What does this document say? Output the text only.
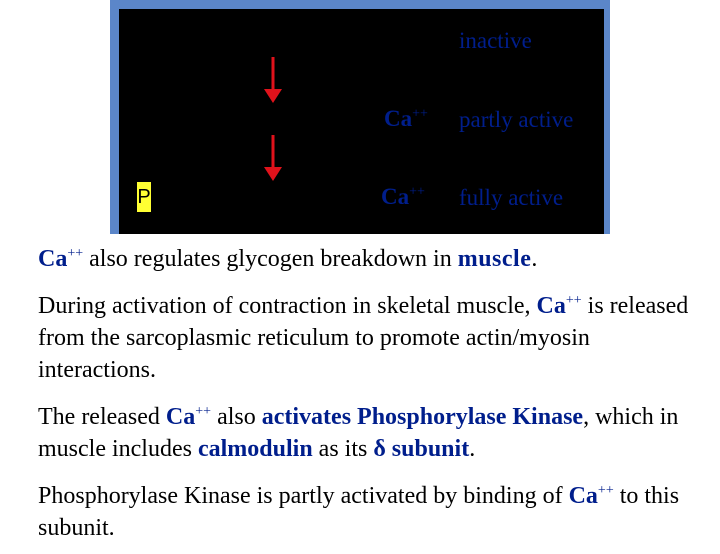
inactive
partly active
fully active
Ca++
Ca++
P

Ca++ also regulates glycogen breakdown in muscle.

During activation of contraction in skeletal muscle, Ca++ is released from the sarcoplasmic reticulum to promote actin/myosin interactions.

The released Ca++ also activates Phosphorylase Kinase, which in muscle includes calmodulin as its δ subunit.

Phosphorylase Kinase is partly activated by binding of Ca++ to this subunit.
